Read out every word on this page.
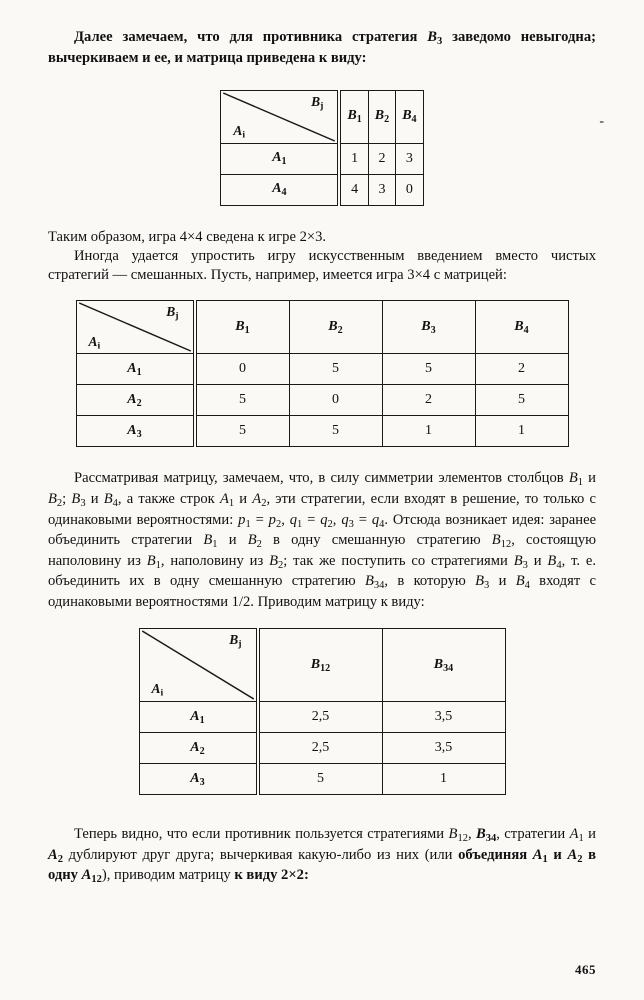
Далее замечаем, что для противника стратегия $B_3$ заведомо невыгодна; вычеркиваем и ее, и матрица приведена к виду:

$B_j$
$A_i$	$B_1$	$B_2$	$B_4$
$A_1$	1	2	3
$A_4$	4	3	0
-

Таким образом, игра 4×4 сведена к игре 2×3.

Иногда удается упростить игру искусственным введением вместо чистых стратегий — смешанных. Пусть, например, имеется игра 3×4 с матрицей:

$B_j$
$A_i$	$B_1$	$B_2$	$B_3$	$B_4$
$A_1$	0	5	5	2
$A_2$	5	0	2	5
$A_3$	5	5	1	1

Рассматривая матрицу, замечаем, что, в силу симметрии элементов столбцов $B_1$ и $B_2$; $B_3$ и $B_4$, а также строк $A_1$ и $A_2$, эти стратегии, если входят в решение, то только с одинаковыми вероятностями: $p_1 = p_2$, $q_1 = q_2$, $q_3 = q_4$. Отсюда возникает идея: заранее объединить стратегии $B_1$ и $B_2$ в одну смешанную стратегию $B_{12}$, состоящую наполовину из $B_1$, наполовину из $B_2$; так же поступить со стратегиями $B_3$ и $B_4$, т. е. объединить их в одну смешанную стратегию $B_{34}$, в которую $B_3$ и $B_4$ входят с одинаковыми вероятностями 1/2. Приводим матрицу к виду:

$B_j$
$A_i$	$B_{12}$	$B_{34}$
$A_1$	2,5	3,5
$A_2$	2,5	3,5
$A_3$	5	1

Теперь видно, что если противник пользуется стратегиями $B_{12}$, $B_{34}$, стратегии $A_1$ и $A_2$ дублируют друг друга; вычеркивая какую-либо из них (или объединяя $A_1$ и $A_2$ в одну $A_{12}$), приводим матрицу к виду 2×2:

465
